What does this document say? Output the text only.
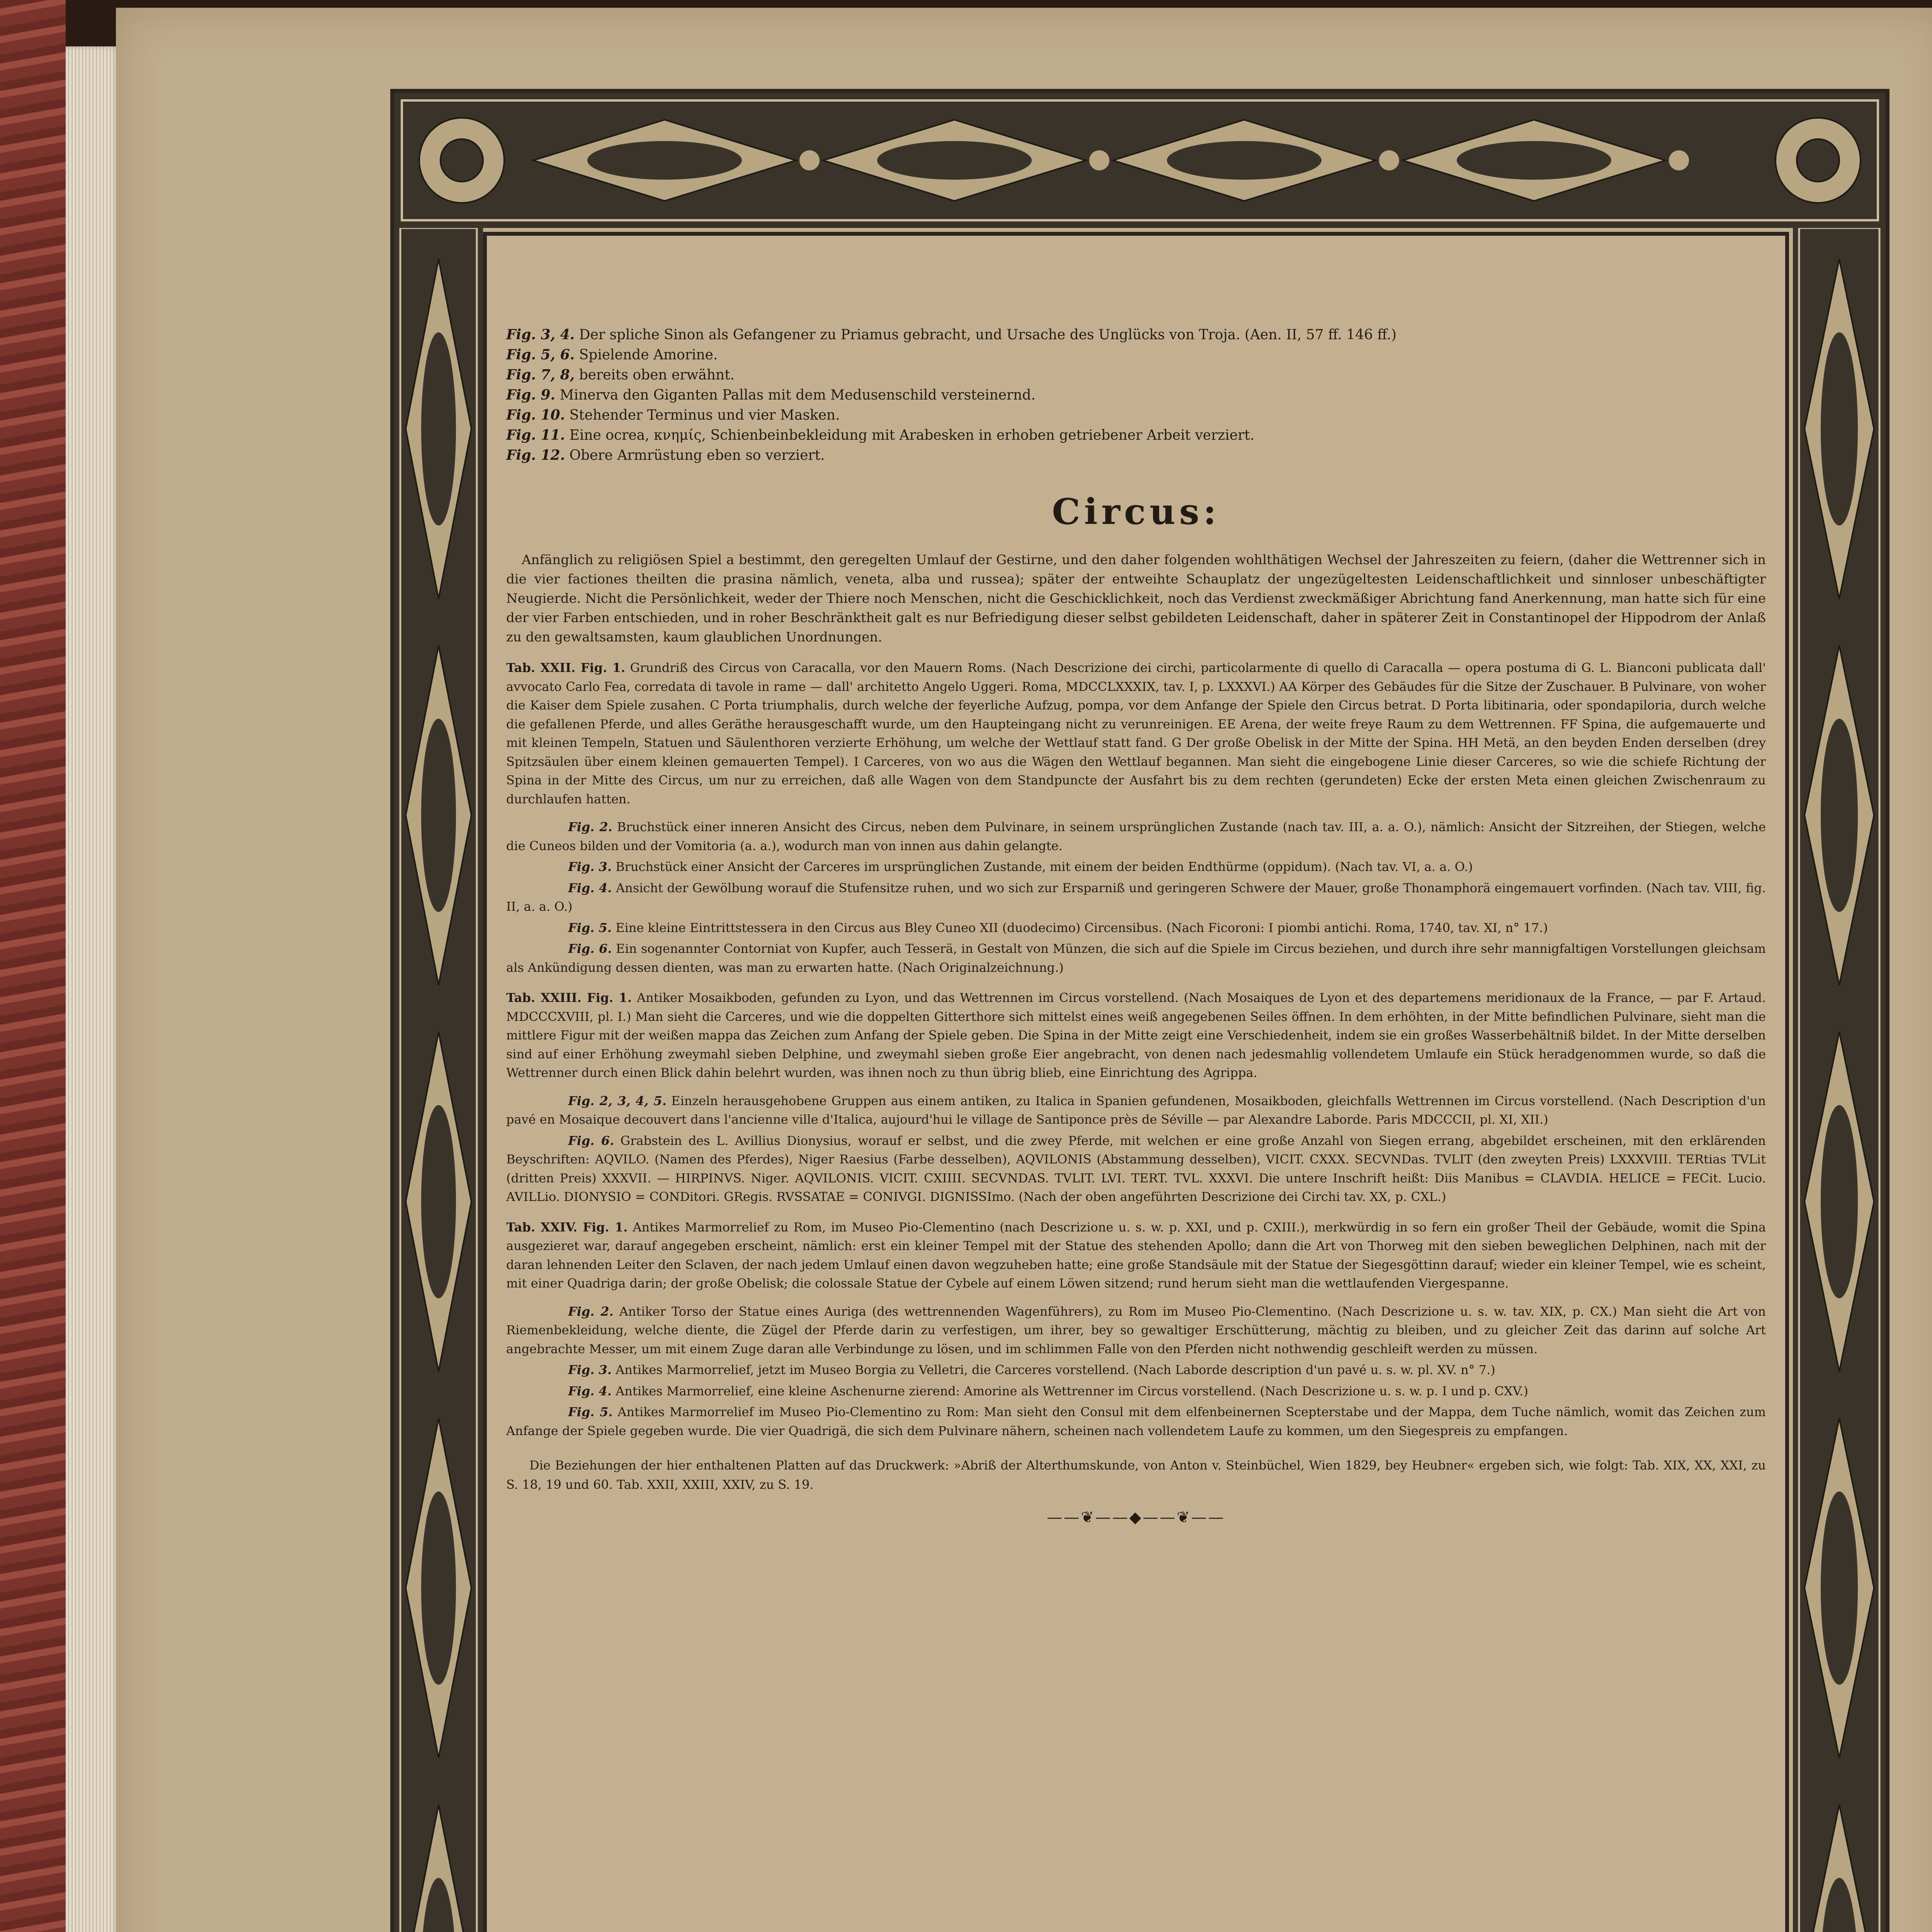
Fig. 3, 4. Der spliche Sinon als Gefangener zu Priamus gebracht, und Ursache des Unglücks von Troja. (Aen. II, 57 ff. 146 ff.)
Fig. 5, 6. Spielende Amorine.
Fig. 7, 8, bereits oben erwähnt.
Fig. 9. Minerva den Giganten Pallas mit dem Medusenschild versteinernd.
Fig. 10. Stehender Terminus und vier Masken.
Fig. 11. Eine ocrea, κνημίς, Schienbeinbekleidung mit Arabesken in erhoben getriebener Arbeit verziert.
Fig. 12. Obere Armrüstung eben so verziert.
Circus:

Anfänglich zu religiösen Spiel a bestimmt, den geregelten Umlauf der Gestirne, und den daher folgenden wohlthätigen Wechsel der Jahreszeiten zu feiern, (daher die Wettrenner sich in die vier factiones theilten die prasina nämlich, veneta, alba und russea); später der entweihte Schauplatz der ungezügeltesten Leidenschaftlichkeit und sinnloser unbeschäftigter Neugierde. Nicht die Persönlichkeit, weder der Thiere noch Menschen, nicht die Geschicklichkeit, noch das Verdienst zweckmäßiger Abrichtung fand Anerkennung, man hatte sich für eine der vier Farben entschieden, und in roher Beschränktheit galt es nur Befriedigung dieser selbst gebildeten Leidenschaft, daher in späterer Zeit in Constantinopel der Hippodrom der Anlaß zu den gewaltsamsten, kaum glaublichen Unordnungen.

Tab. XXII. Fig. 1. Grundriß des Circus von Caracalla, vor den Mauern Roms. (Nach Descrizione dei circhi, particolarmente di quello di Caracalla — opera postuma di G. L. Bianconi publicata dall' avvocato Carlo Fea, corredata di tavole in rame — dall' architetto Angelo Uggeri. Roma, MDCCLXXXIX, tav. I, p. LXXXVI.) AA Körper des Gebäudes für die Sitze der Zuschauer. B Pulvinare, von woher die Kaiser dem Spiele zusahen. C Porta triumphalis, durch welche der feyerliche Aufzug, pompa, vor dem Anfange der Spiele den Circus betrat. D Porta libitinaria, oder spondapiloria, durch welche die gefallenen Pferde, und alles Geräthe herausgeschafft wurde, um den Haupteingang nicht zu verunreinigen. EE Arena, der weite freye Raum zu dem Wettrennen. FF Spina, die aufgemauerte und mit kleinen Tempeln, Statuen und Säulenthoren verzierte Erhöhung, um welche der Wettlauf statt fand. G Der große Obelisk in der Mitte der Spina. HH Metä, an den beyden Enden derselben (drey Spitzsäulen über einem kleinen gemauerten Tempel). I Carceres, von wo aus die Wägen den Wettlauf begannen. Man sieht die eingebogene Linie dieser Carceres, so wie die schiefe Richtung der Spina in der Mitte des Circus, um nur zu erreichen, daß alle Wagen von dem Standpuncte der Ausfahrt bis zu dem rechten (gerundeten) Ecke der ersten Meta einen gleichen Zwischenraum zu durchlaufen hatten.

Fig. 2. Bruchstück einer inneren Ansicht des Circus, neben dem Pulvinare, in seinem ursprünglichen Zustande (nach tav. III, a. a. O.), nämlich: Ansicht der Sitzreihen, der Stiegen, welche die Cuneos bilden und der Vomitoria (a. a.), wodurch man von innen aus dahin gelangte.

Fig. 3. Bruchstück einer Ansicht der Carceres im ursprünglichen Zustande, mit einem der beiden Endthürme (oppidum). (Nach tav. VI, a. a. O.)

Fig. 4. Ansicht der Gewölbung worauf die Stufensitze ruhen, und wo sich zur Ersparniß und geringeren Schwere der Mauer, große Thonamphorä eingemauert vorfinden. (Nach tav. VIII, fig. II, a. a. O.)

Fig. 5. Eine kleine Eintrittstessera in den Circus aus Bley Cuneo XII (duodecimo) Circensibus. (Nach Ficoroni: I piombi antichi. Roma, 1740, tav. XI, n° 17.)

Fig. 6. Ein sogenannter Contorniat von Kupfer, auch Tesserä, in Gestalt von Münzen, die sich auf die Spiele im Circus beziehen, und durch ihre sehr mannigfaltigen Vorstellungen gleichsam als Ankündigung dessen dienten, was man zu erwarten hatte. (Nach Originalzeichnung.)

Tab. XXIII. Fig. 1. Antiker Mosaikboden, gefunden zu Lyon, und das Wettrennen im Circus vorstellend. (Nach Mosaiques de Lyon et des departemens meridionaux de la France, — par F. Artaud. MDCCCXVIII, pl. I.) Man sieht die Carceres, und wie die doppelten Gitterthore sich mittelst eines weiß angegebenen Seiles öffnen. In dem erhöhten, in der Mitte befindlichen Pulvinare, sieht man die mittlere Figur mit der weißen mappa das Zeichen zum Anfang der Spiele geben. Die Spina in der Mitte zeigt eine Verschiedenheit, indem sie ein großes Wasserbehältniß bildet. In der Mitte derselben sind auf einer Erhöhung zweymahl sieben Delphine, und zweymahl sieben große Eier angebracht, von denen nach jedesmahlig vollendetem Umlaufe ein Stück heradgenommen wurde, so daß die Wettrenner durch einen Blick dahin belehrt wurden, was ihnen noch zu thun übrig blieb, eine Einrichtung des Agrippa.

Fig. 2, 3, 4, 5. Einzeln herausgehobene Gruppen aus einem antiken, zu Italica in Spanien gefundenen, Mosaikboden, gleichfalls Wettrennen im Circus vorstellend. (Nach Description d'un pavé en Mosaique decouvert dans l'ancienne ville d'Italica, aujourd'hui le village de Santiponce près de Séville — par Alexandre Laborde. Paris MDCCCII, pl. XI, XII.)

Fig. 6. Grabstein des L. Avillius Dionysius, worauf er selbst, und die zwey Pferde, mit welchen er eine große Anzahl von Siegen errang, abgebildet erscheinen, mit den erklärenden Beyschriften: AQVILO. (Namen des Pferdes), Niger Raesius (Farbe desselben), AQVILONIS (Abstammung desselben), VICIT. CXXX. SECVNDas. TVLIT (den zweyten Preis) LXXXVIII. TERtias TVLit (dritten Preis) XXXVII. — HIRPINVS. Niger. AQVILONIS. VICIT. CXIIII. SECVNDAS. TVLIT. LVI. TERT. TVL. XXXVI. Die untere Inschrift heißt: Diis Manibus = CLAVDIA. HELICE = FECit. Lucio. AVILLio. DIONYSIO = CONDitori. GRegis. RVSSATAE = CONIVGI. DIGNISSImo. (Nach der oben angeführten Descrizione dei Circhi tav. XX, p. CXL.)

Tab. XXIV. Fig. 1. Antikes Marmorrelief zu Rom, im Museo Pio-Clementino (nach Descrizione u. s. w. p. XXI, und p. CXIII.), merkwürdig in so fern ein großer Theil der Gebäude, womit die Spina ausgezieret war, darauf angegeben erscheint, nämlich: erst ein kleiner Tempel mit der Statue des stehenden Apollo; dann die Art von Thorweg mit den sieben beweglichen Delphinen, nach mit der daran lehnenden Leiter den Sclaven, der nach jedem Umlauf einen davon wegzuheben hatte; eine große Standsäule mit der Statue der Siegesgöttinn darauf; wieder ein kleiner Tempel, wie es scheint, mit einer Quadriga darin; der große Obelisk; die colossale Statue der Cybele auf einem Löwen sitzend; rund herum sieht man die wettlaufenden Viergespanne.

Fig. 2. Antiker Torso der Statue eines Auriga (des wettrennenden Wagenführers), zu Rom im Museo Pio-Clementino. (Nach Descrizione u. s. w. tav. XIX, p. CX.) Man sieht die Art von Riemenbekleidung, welche diente, die Zügel der Pferde darin zu verfestigen, um ihrer, bey so gewaltiger Erschütterung, mächtig zu bleiben, und zu gleicher Zeit das darinn auf solche Art angebrachte Messer, um mit einem Zuge daran alle Verbindunge zu lösen, und im schlimmen Falle von den Pferden nicht nothwendig geschleift werden zu müssen.

Fig. 3. Antikes Marmorrelief, jetzt im Museo Borgia zu Velletri, die Carceres vorstellend. (Nach Laborde description d'un pavé u. s. w. pl. XV. n° 7.)

Fig. 4. Antikes Marmorrelief, eine kleine Aschenurne zierend: Amorine als Wettrenner im Circus vorstellend. (Nach Descrizione u. s. w. p. I und p. CXV.)

Fig. 5. Antikes Marmorrelief im Museo Pio-Clementino zu Rom: Man sieht den Consul mit dem elfenbeinernen Scepterstabe und der Mappa, dem Tuche nämlich, womit das Zeichen zum Anfange der Spiele gegeben wurde. Die vier Quadrigä, die sich dem Pulvinare nähern, scheinen nach vollendetem Laufe zu kommen, um den Siegespreis zu empfangen.

Die Beziehungen der hier enthaltenen Platten auf das Druckwerk: »Abriß der Alterthumskunde, von Anton v. Steinbüchel, Wien 1829, bey Heubner« ergeben sich, wie folgt: Tab. XIX, XX, XXI, zu S. 18, 19 und 60. Tab. XXII, XXIII, XXIV, zu S. 19.

——❦——◆——❦——
